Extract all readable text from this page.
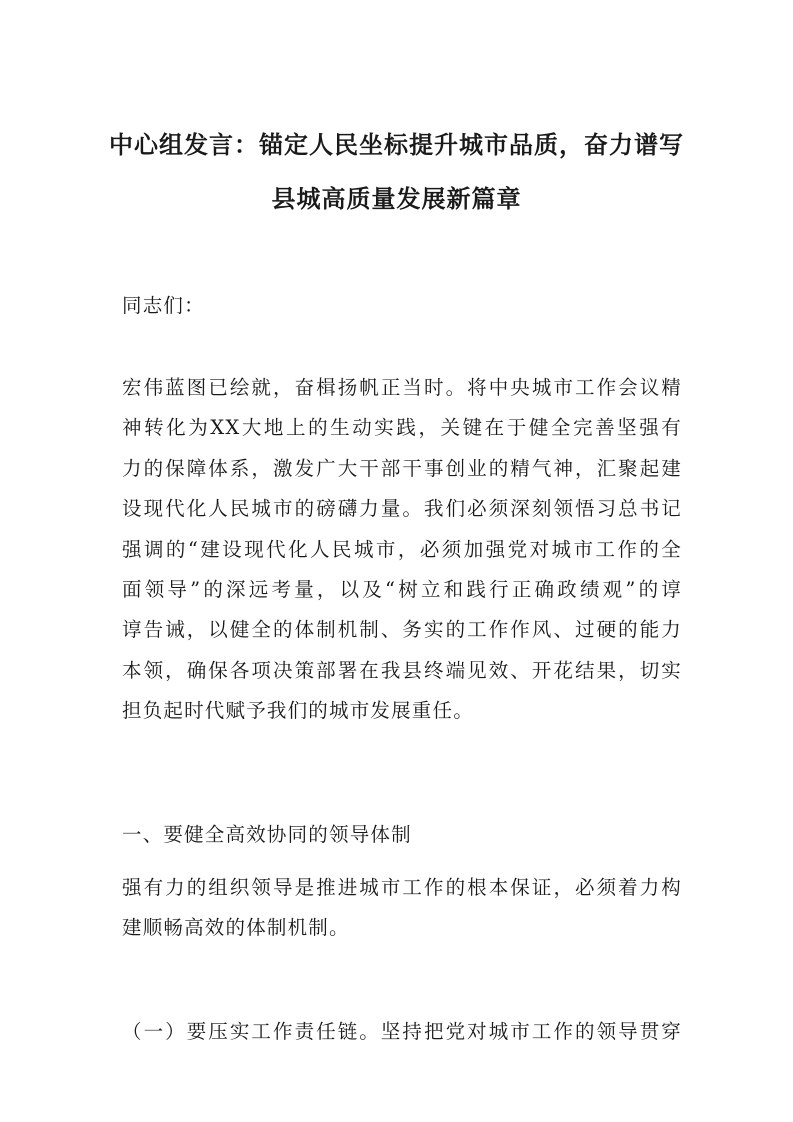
中心组发言：锚定人民坐标提升城市品质，奋力谱写
县城高质量发展新篇章
同志们：
宏伟蓝图已绘就，奋楫扬帆正当时。将中央城市工作会议精
神转化为XX大地上的生动实践，关键在于健全完善坚强有
力的保障体系，激发广大干部干事创业的精气神，汇聚起建
设现代化人民城市的磅礴力量。我们必须深刻领悟习总书记
强调的“建设现代化人民城市，必须加强党对城市工作的全
面领导”的深远考量，以及“树立和践行正确政绩观”的谆
谆告诫，以健全的体制机制、务实的工作作风、过硬的能力
本领，确保各项决策部署在我县终端见效、开花结果，切实
担负起时代赋予我们的城市发展重任。
一、要健全高效协同的领导体制
强有力的组织领导是推进城市工作的根本保证，必须着力构
建顺畅高效的体制机制。
（一）要压实工作责任链。坚持把党对城市工作的领导贯穿
